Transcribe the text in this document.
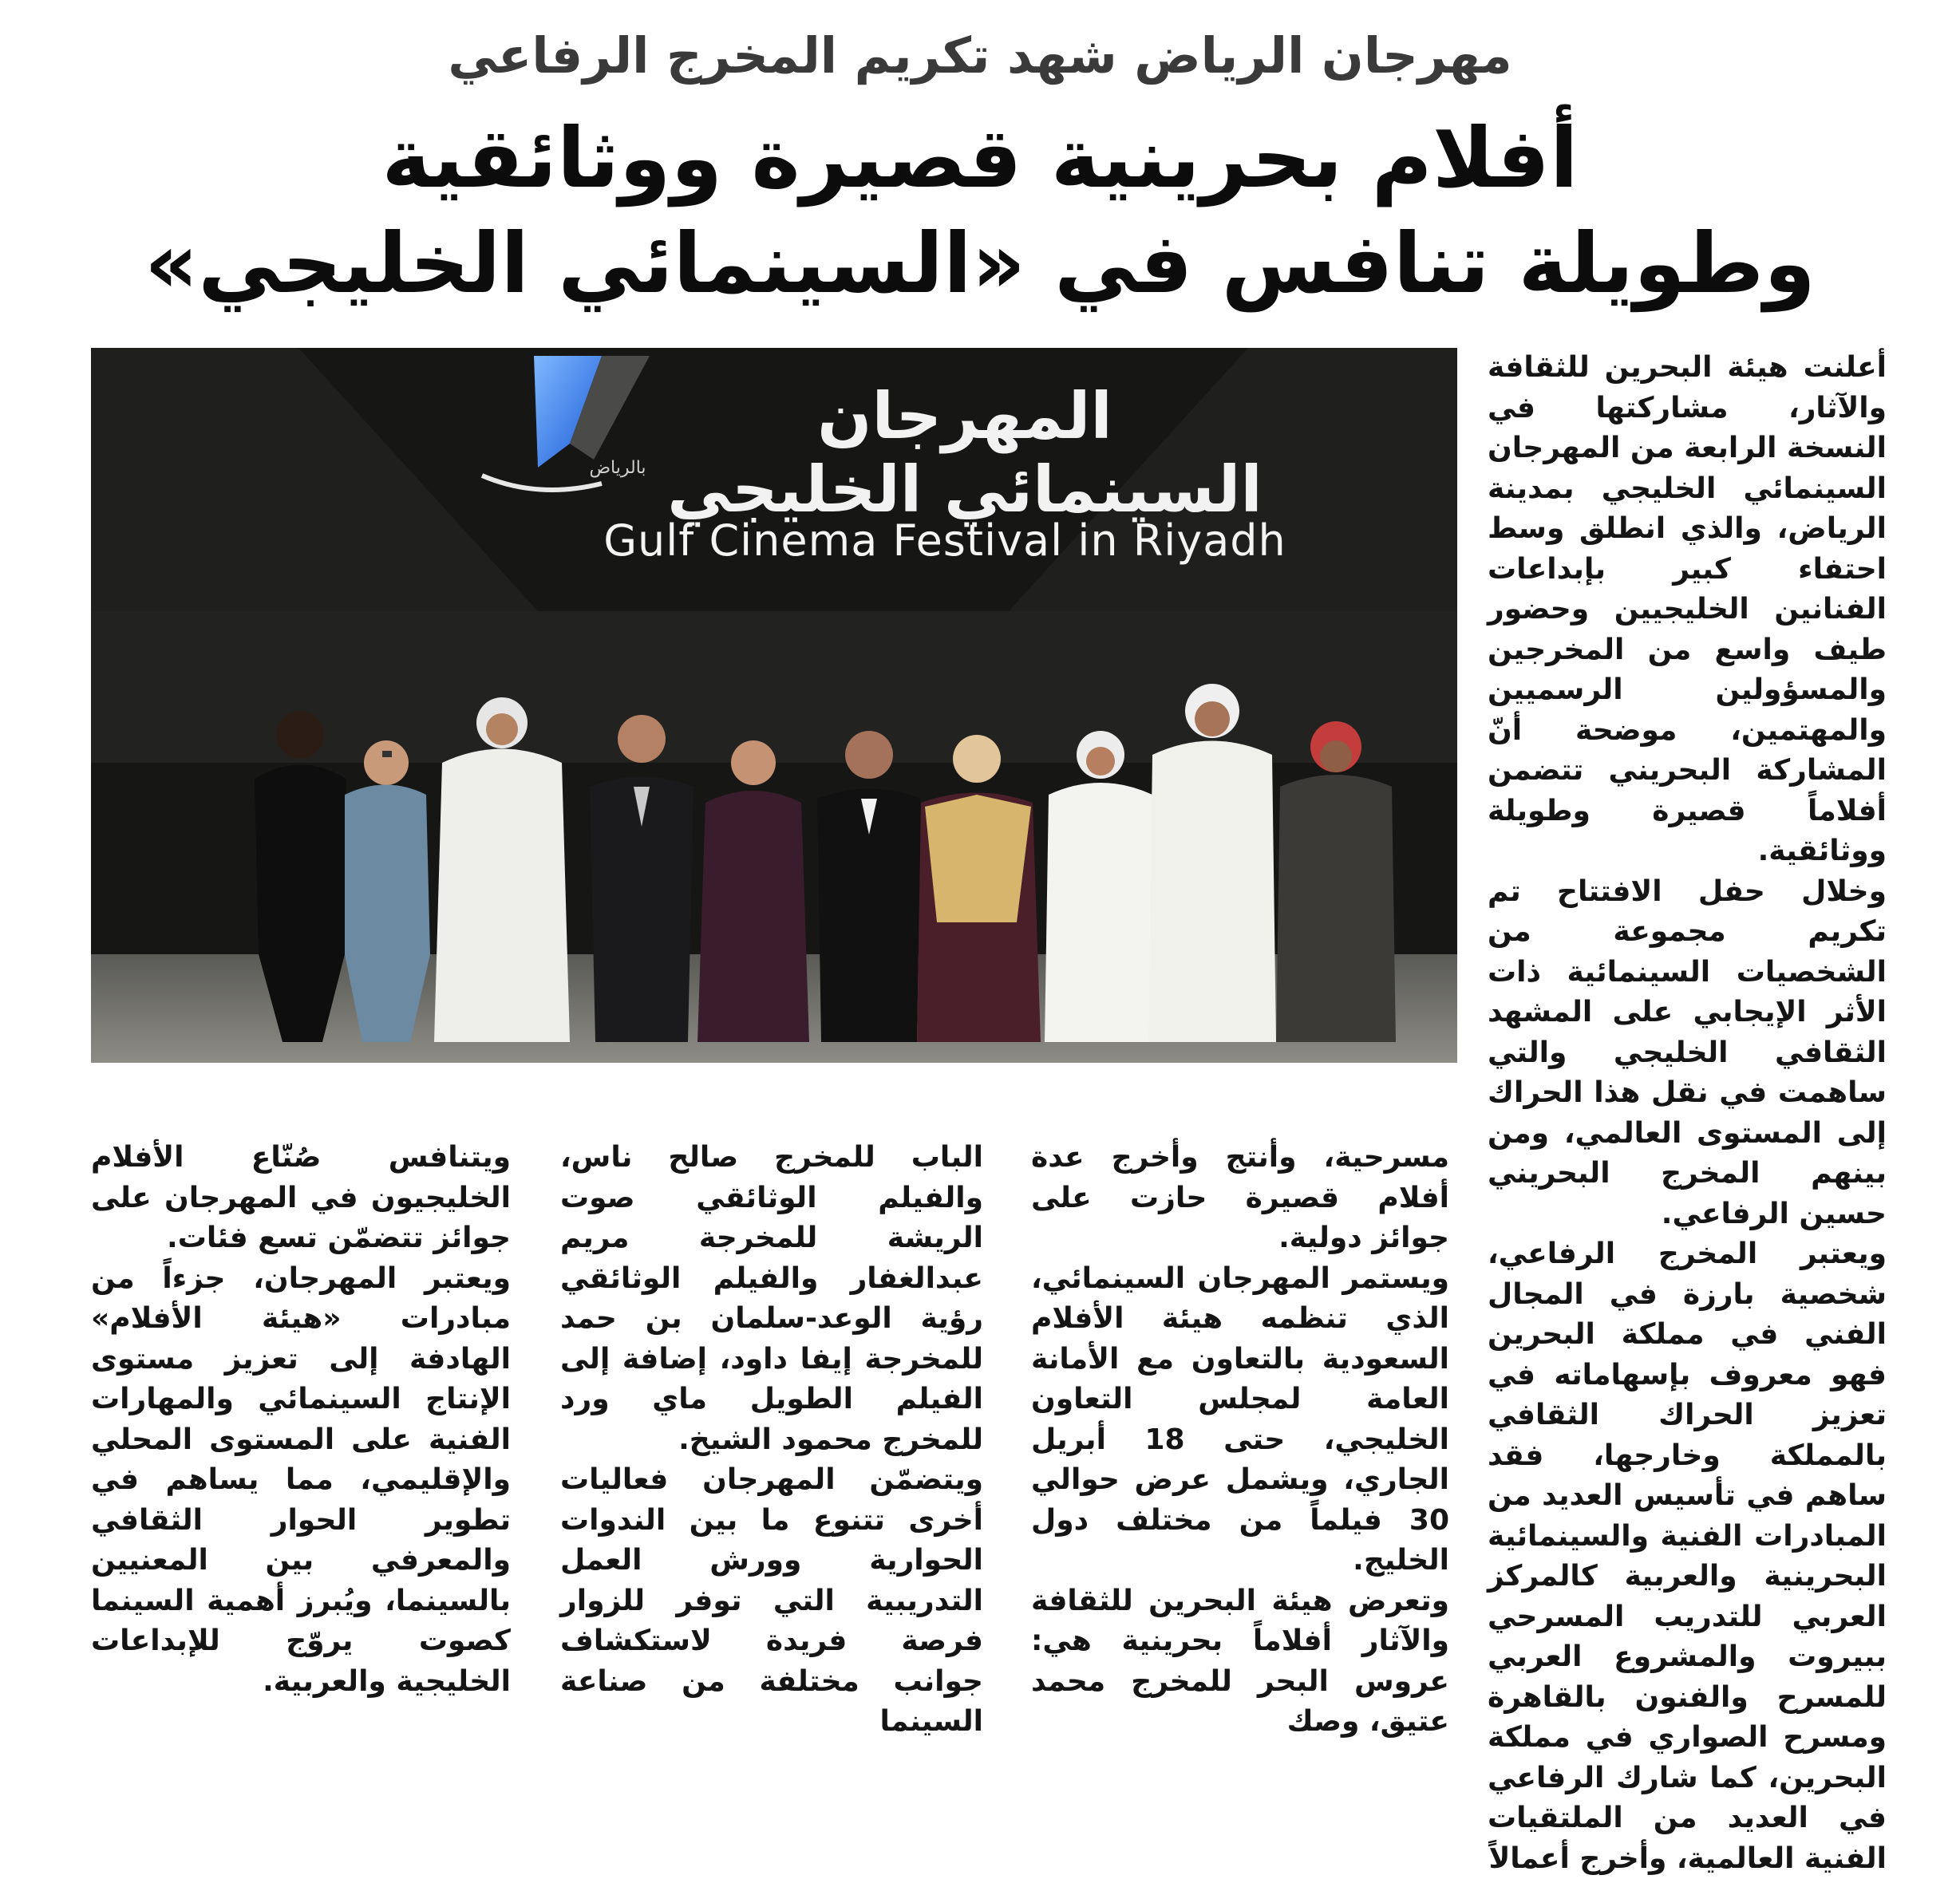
مهرجان الرياض شهد تكريم المخرج الرفاعي
أفلام بحرينية قصيرة ووثائقية
وطويلة تنافس في «السينمائي الخليجي»
المهرجان
السينمائي الخليجي
بالرياض
Gulf Cinema Festival in Riyadh

أعلنت هيئة البحرين للثقافة والآثار، مشاركتها في النسخة الرابعة من المهرجان السينمائي الخليجي بمدينة الرياض، والذي انطلق وسط احتفاء كبير بإبداعات الفنانين الخليجيين وحضور طيف واسع من المخرجين والمسؤولين الرسميين والمهتمين، موضحة أنّ المشاركة البحريني تتضمن أفلاماً قصيرة وطويلة ووثائقية.

وخلال حفل الافتتاح تم تكريم مجموعة من الشخصيات السينمائية ذات الأثر الإيجابي على المشهد الثقافي الخليجي والتي ساهمت في نقل هذا الحراك إلى المستوى العالمي، ومن بينهم المخرج البحريني حسين الرفاعي.

ويعتبر المخرج الرفاعي، شخصية بارزة في المجال الفني في مملكة البحرين فهو معروف بإسهاماته في تعزيز الحراك الثقافي بالمملكة وخارجها، فقد ساهم في تأسيس العديد من المبادرات الفنية والسينمائية البحرينية والعربية كالمركز العربي للتدريب المسرحي ببيروت والمشروع العربي للمسرح والفنون بالقاهرة ومسرح الصواري في مملكة البحرين، كما شارك الرفاعي في العديد من الملتقيات الفنية العالمية، وأخرج أعمالاً

مسرحية، وأنتج وأخرج عدة أفلام قصيرة حازت على جوائز دولية.

ويستمر المهرجان السينمائي، الذي تنظمه هيئة الأفلام السعودية بالتعاون مع الأمانة العامة لمجلس التعاون الخليجي، حتى 18 أبريل الجاري، ويشمل عرض حوالي 30 فيلماً من مختلف دول الخليج.

وتعرض هيئة البحرين للثقافة والآثار أفلاماً بحرينية هي: عروس البحر للمخرج محمد عتيق، وصك

الباب للمخرج صالح ناس، والفيلم الوثائقي صوت الريشة للمخرجة مريم عبدالغفار والفيلم الوثائقي رؤية الوعد-سلمان بن حمد للمخرجة إيفا داود، إضافة إلى الفيلم الطويل ماي ورد للمخرج محمود الشيخ.

ويتضمّن المهرجان فعاليات أخرى تتنوع ما بين الندوات الحوارية وورش العمل التدريبية التي توفر للزوار فرصة فريدة لاستكشاف جوانب مختلفة من صناعة السينما

ويتنافس صُنّاع الأفلام الخليجيون في المهرجان على جوائز تتضمّن تسع فئات.

ويعتبر المهرجان، جزءاً من مبادرات «هيئة الأفلام» الهادفة إلى تعزيز مستوى الإنتاج السينمائي والمهارات الفنية على المستوى المحلي والإقليمي، مما يساهم في تطوير الحوار الثقافي والمعرفي بين المعنيين بالسينما، ويُبرز أهمية السينما كصوت يروّج للإبداعات الخليجية والعربية.
